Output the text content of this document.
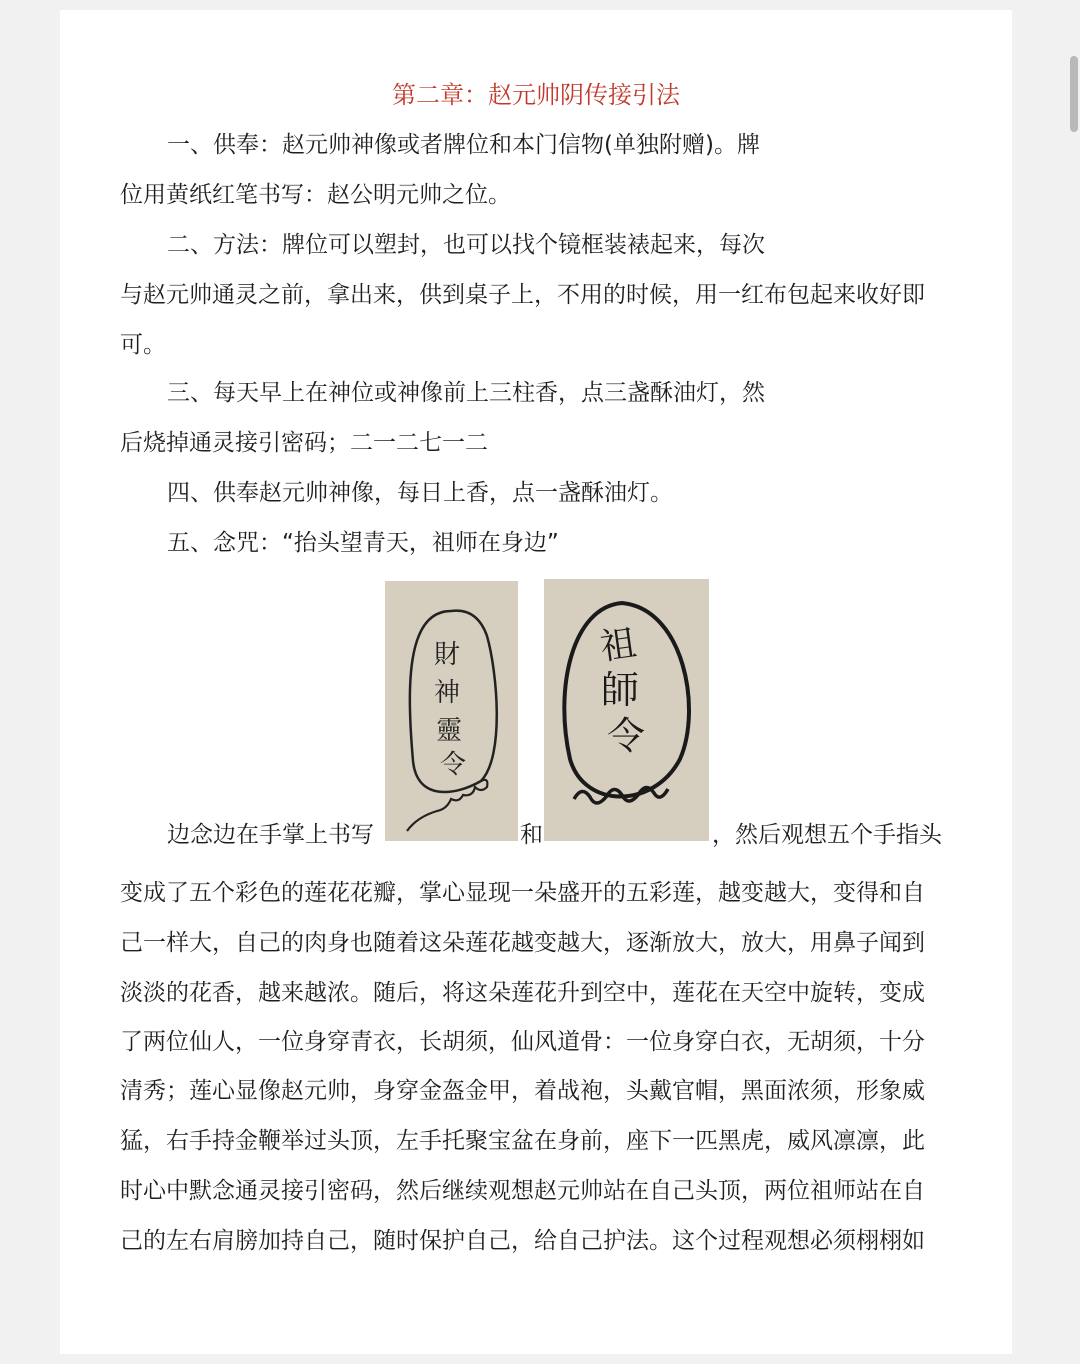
第二章：赵元帅阴传接引法
一、供奉：赵元帅神像或者牌位和本门信物(单独附赠)。牌
位用黄纸红笔书写：赵公明元帅之位。
二、方法：牌位可以塑封，也可以找个镜框装裱起来，每次
与赵元帅通灵之前，拿出来，供到桌子上，不用的时候，用一红布包起来收好即
可。
三、每天早上在神位或神像前上三柱香，点三盏酥油灯，然
后烧掉通灵接引密码；二一二七一二
四、供奉赵元帅神像，每日上香，点一盏酥油灯。
五、念咒：“抬头望青天，祖师在身边”
財
神
靈
令
祖
師
令
边念边在手掌上书写	和	，然后观想五个手指头
变成了五个彩色的莲花花瓣，掌心显现一朵盛开的五彩莲，越变越大，变得和自
己一样大，自己的肉身也随着这朵莲花越变越大，逐渐放大，放大，用鼻子闻到
淡淡的花香，越来越浓。随后，将这朵莲花升到空中，莲花在天空中旋转，变成
了两位仙人，一位身穿青衣，长胡须，仙风道骨：一位身穿白衣，无胡须，十分
清秀；莲心显像赵元帅，身穿金盔金甲，着战袍，头戴官帽，黑面浓须，形象威
猛，右手持金鞭举过头顶，左手托聚宝盆在身前，座下一匹黑虎，威风凛凛，此
时心中默念通灵接引密码，然后继续观想赵元帅站在自己头顶，两位祖师站在自
己的左右肩膀加持自己，随时保护自己，给自己护法。这个过程观想必须栩栩如
